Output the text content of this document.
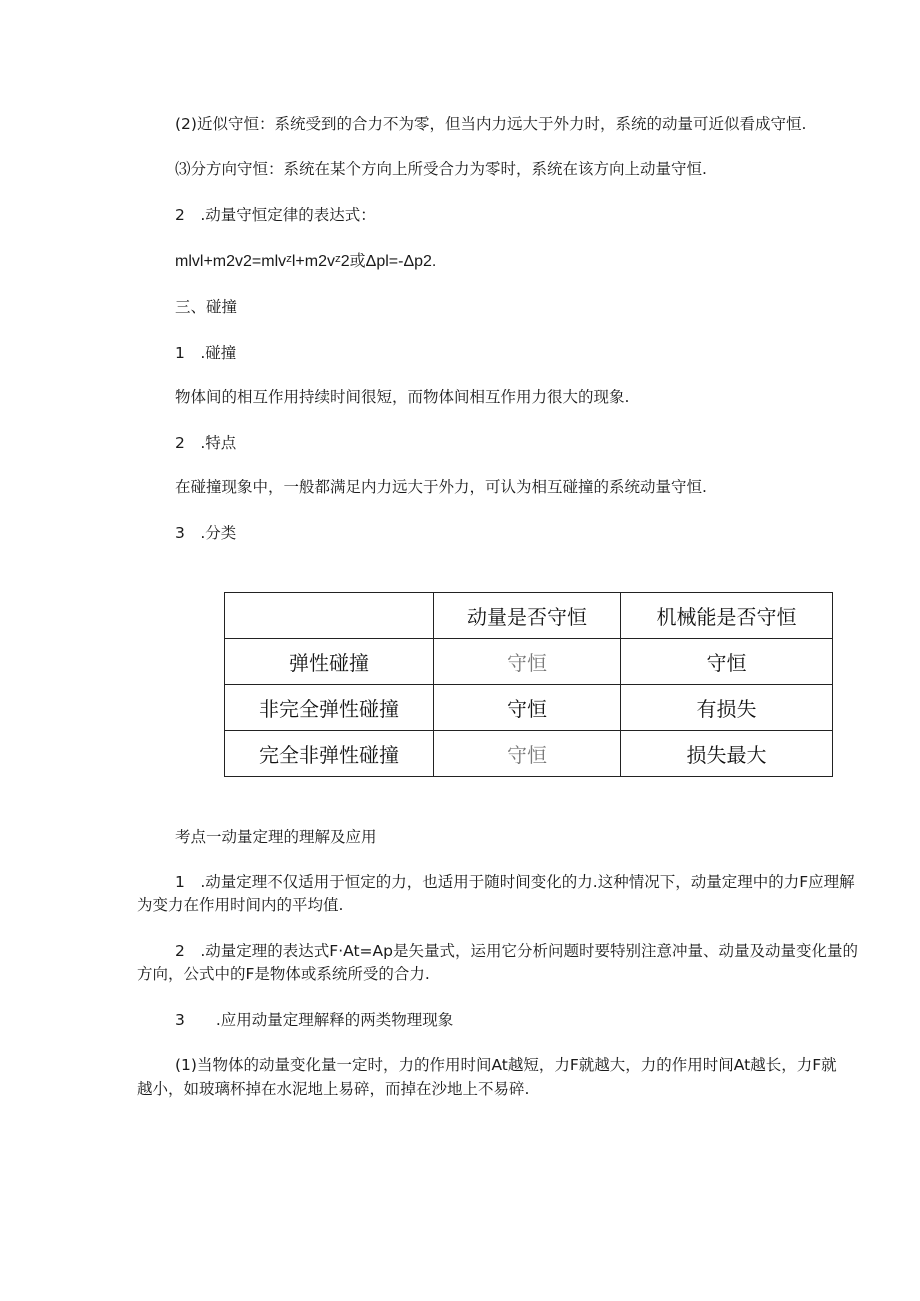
(2)近似守恒：系统受到的合力不为零，但当内力远大于外力时，系统的动量可近似看成守恒.
⑶分方向守恒：系统在某个方向上所受合力为零时，系统在该方向上动量守恒.
2　.动量守恒定律的表达式：
mlvl+m2v2=mlvᶻl+m2vᶻ2或Δpl=-Δp2.
三、碰撞
1　.碰撞
物体间的相互作用持续时间很短，而物体间相互作用力很大的现象.
2　.特点
在碰撞现象中，一般都满足内力远大于外力，可认为相互碰撞的系统动量守恒.
3　.分类
	动量是否守恒	机械能是否守恒
弹性碰撞	守恒	守恒
非完全弹性碰撞	守恒	有损失
完全非弹性碰撞	守恒	损失最大
考点一动量定理的理解及应用
1　.动量定理不仅适用于恒定的力，也适用于随时间变化的力.这种情况下，动量定理中的力F应理解
为变力在作用时间内的平均值.
2　.动量定理的表达式F·At=Ap是矢量式，运用它分析问题时要特别注意冲量、动量及动量变化量的
方向，公式中的F是物体或系统所受的合力.
3　　.应用动量定理解释的两类物理现象
(1)当物体的动量变化量一定时，力的作用时间At越短，力F就越大，力的作用时间At越长，力F就
越小，如玻璃杯掉在水泥地上易碎，而掉在沙地上不易碎.
